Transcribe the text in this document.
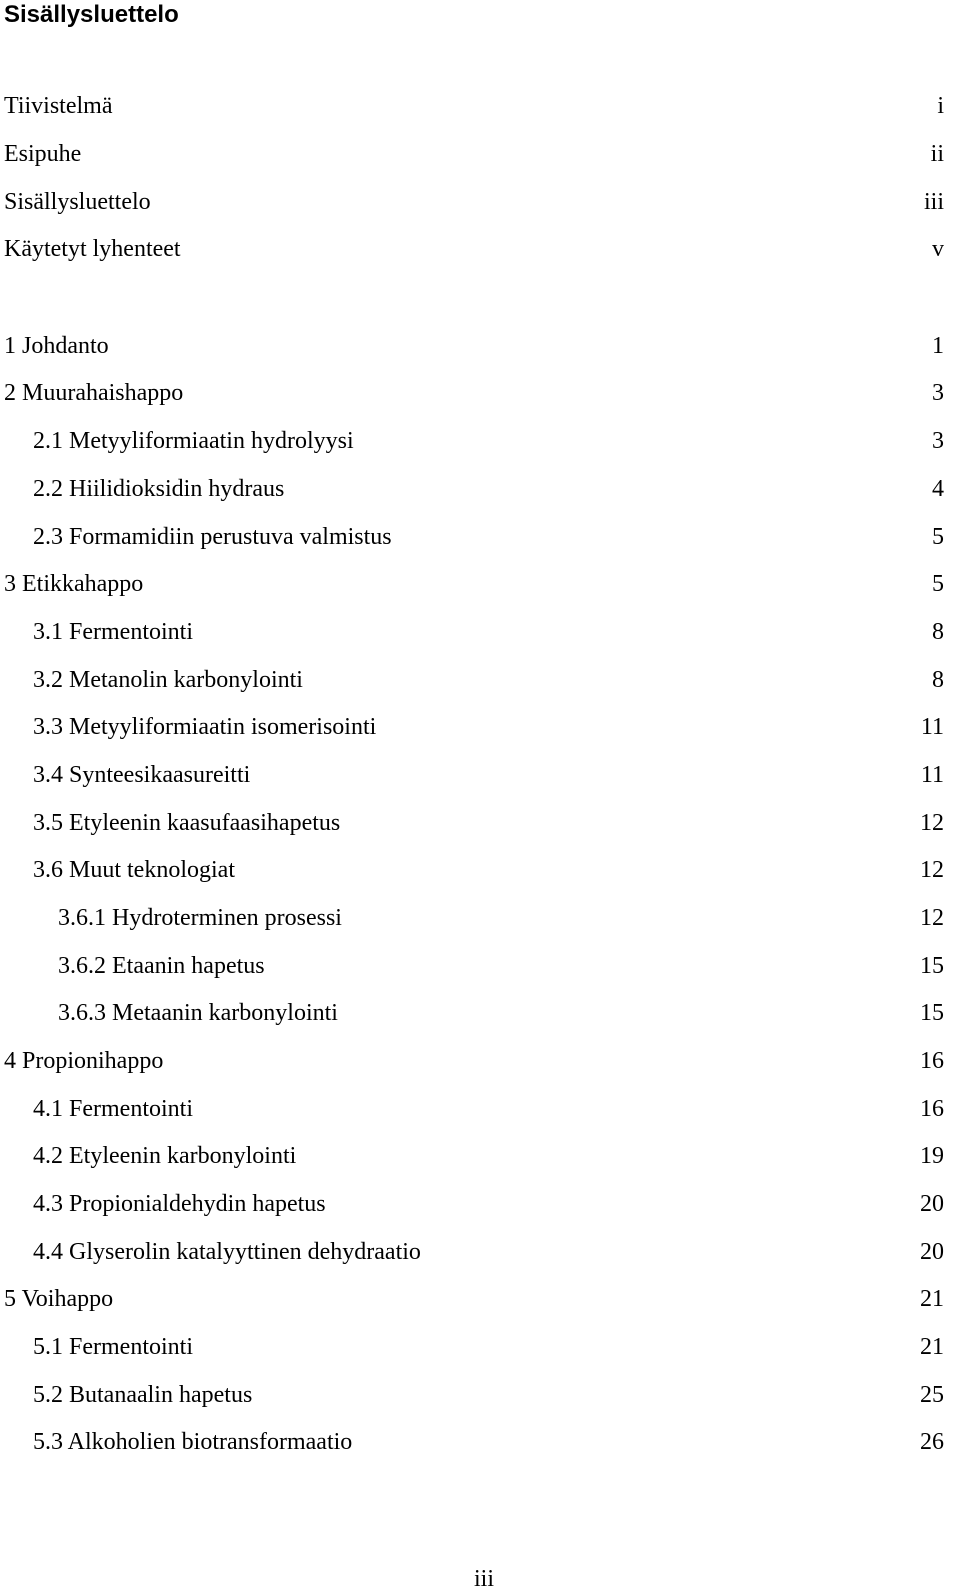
Sisällysluettelo
Tiivistelmä	i
Esipuhe	ii
Sisällysluettelo	iii
Käytetyt lyhenteet	v
1 Johdanto	1
2 Muurahaishappo	3
2.1 Metyyliformiaatin hydrolyysi	3
2.2 Hiilidioksidin hydraus	4
2.3 Formamidiin perustuva valmistus	5
3 Etikkahappo	5
3.1 Fermentointi	8
3.2 Metanolin karbonylointi	8
3.3 Metyyliformiaatin isomerisointi	11
3.4 Synteesikaasureitti	11
3.5 Etyleenin kaasufaasihapetus	12
3.6 Muut teknologiat	12
3.6.1 Hydroterminen prosessi	12
3.6.2 Etaanin hapetus	15
3.6.3 Metaanin karbonylointi	15
4 Propionihappo	16
4.1 Fermentointi	16
4.2 Etyleenin karbonylointi	19
4.3 Propionialdehydin hapetus	20
4.4 Glyserolin katalyyttinen dehydraatio	20
5 Voihappo	21
5.1 Fermentointi	21
5.2 Butanaalin hapetus	25
5.3 Alkoholien biotransformaatio	26
iii
